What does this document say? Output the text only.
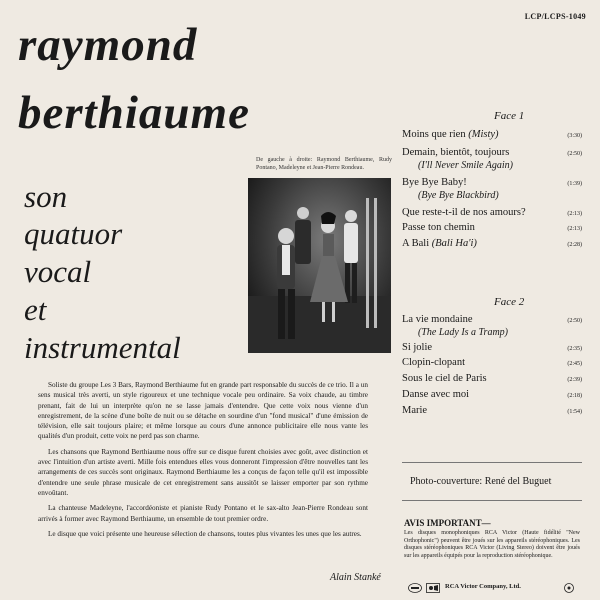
LCP/LCPS-1049
raymond
berthiaume
son
quatuor
vocal
et
instrumental
De gauche à droite: Raymond Berthiaume, Rudy Pontano, Madeleyne et Jean-Pierre Rondeau.
Face 1
Moins que rien (Misty)	(3:30)
Demain, bientôt, toujours
(I'll Never Smile Again)
(2:50)
Bye Bye Baby!
(Bye Bye Blackbird)
(1:39)
Que reste-t-il de nos amours?	(2:13)
Passe ton chemin	(2:13)
A Bali (Bali Ha'i)	(2:28)
Face 2
La vie mondaine
(The Lady Is a Tramp)
(2:50)
Si jolie	(2:35)
Clopin-clopant	(2:45)
Sous le ciel de Paris	(2:39)
Danse avec moi	(2:18)
Marie	(1:54)
Photo-couverture: René del Buguet
AVIS IMPORTANT—
Les disques monophoniques RCA Victor (Haute fidélité "New Orthophonic") peuvent être joués sur les appareils stéréophoniques. Les disques stéréophoniques RCA Victor (Living Stereo) doivent être joués sur les appareils équipés pour la reproduction stéréophonique.

Soliste du groupe Les 3 Bars, Raymond Berthiaume fut en grande part responsable du succès de ce trio. Il a un sens musical très averti, un style rigoureux et une technique vocale peu ordinaire. Sa voix chaude, au timbre prenant, fait de lui un interprète qu'on ne se lasse jamais d'entendre. Que cette voix nous vienne d'un enregistrement, de la scène d'une boîte de nuit ou se détache en sourdine d'un "fond musical" d'une émission de télévision, elle sait toujours plaire; et même lorsque au cours d'une annonce publicitaire elle nous vante les qualités d'un produit, cette voix ne perd pas son charme.

Les chansons que Raymond Berthiaume nous offre sur ce disque furent choisies avec goût, avec distinction et avec l'intuition d'un artiste averti. Mille fois entendues elles vous donneront l'impression d'être nouvelles tant les arrangements de ces succès sont originaux. Raymond Berthiaume les a conçus de façon telle qu'il est impossible d'entendre une seule phrase musicale de cet enregistrement sans aussitôt se laisser emporter par son rythme envoûtant.

La chanteuse Madeleyne, l'accordéoniste et pianiste Rudy Pontano et le sax-alto Jean-Pierre Rondeau sont arrivés à former avec Raymond Berthiaume, un ensemble de tout premier ordre.

Le disque que voici présente une heureuse sélection de chansons, toutes plus vivantes les unes que les autres.

Alain Stanké
RCA Victor Company, Ltd.
